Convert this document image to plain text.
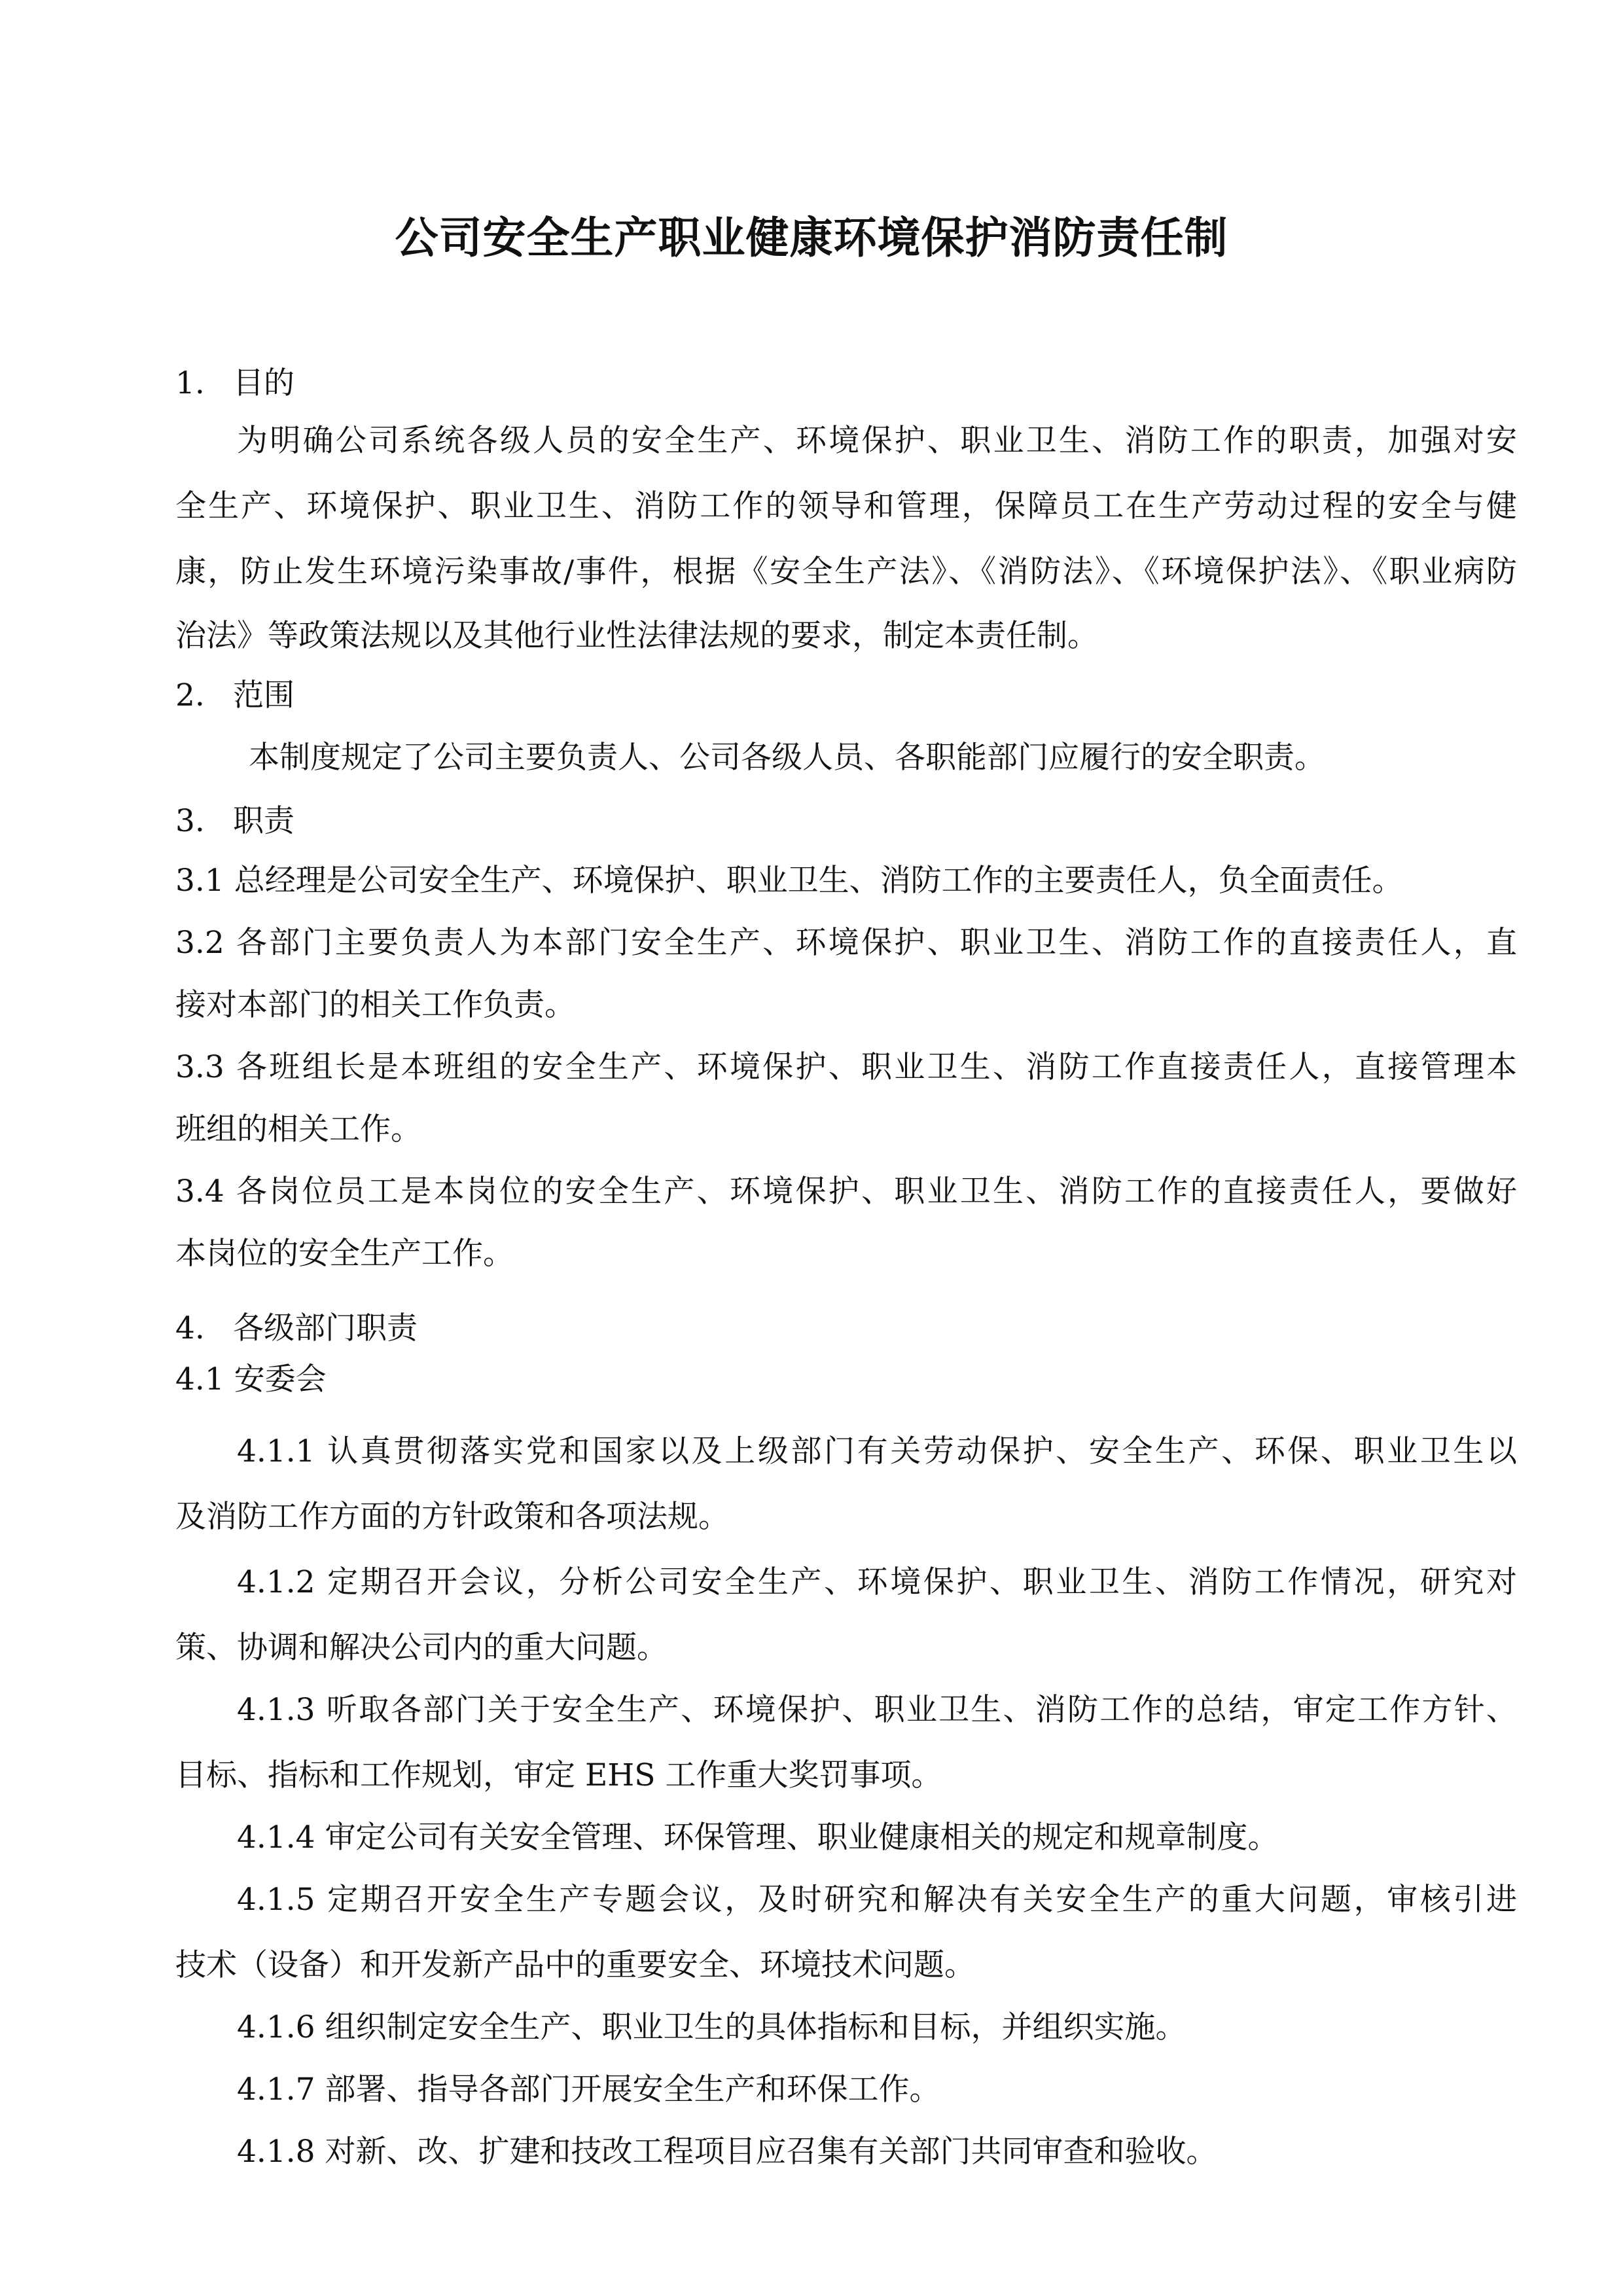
公司安全生产职业健康环境保护消防责任制
1. 目的
为明确公司系统各级人员的安全生产、环境保护、职业卫生、消防工作的职责，加强对安
全生产、环境保护、职业卫生、消防工作的领导和管理，保障员工在生产劳动过程的安全与健
康，防止发生环境污染事故/事件，根据《安全生产法》、《消防法》、《环境保护法》、《职业病防
治法》等政策法规以及其他行业性法律法规的要求，制定本责任制。
2. 范围
本制度规定了公司主要负责人、公司各级人员、各职能部门应履行的安全职责。
3. 职责
3.1 总经理是公司安全生产、环境保护、职业卫生、消防工作的主要责任人，负全面责任。
3.2 各部门主要负责人为本部门安全生产、环境保护、职业卫生、消防工作的直接责任人，直
接对本部门的相关工作负责。
3.3 各班组长是本班组的安全生产、环境保护、职业卫生、消防工作直接责任人，直接管理本
班组的相关工作。
3.4 各岗位员工是本岗位的安全生产、环境保护、职业卫生、消防工作的直接责任人，要做好
本岗位的安全生产工作。
4. 各级部门职责
4.1 安委会
4.1.1 认真贯彻落实党和国家以及上级部门有关劳动保护、安全生产、环保、职业卫生以
及消防工作方面的方针政策和各项法规。
4.1.2 定期召开会议，分析公司安全生产、环境保护、职业卫生、消防工作情况，研究对
策、协调和解决公司内的重大问题。
4.1.3 听取各部门关于安全生产、环境保护、职业卫生、消防工作的总结，审定工作方针、
目标、指标和工作规划，审定 EHS 工作重大奖罚事项。
4.1.4 审定公司有关安全管理、环保管理、职业健康相关的规定和规章制度。
4.1.5 定期召开安全生产专题会议，及时研究和解决有关安全生产的重大问题，审核引进
技术（设备）和开发新产品中的重要安全、环境技术问题。
4.1.6 组织制定安全生产、职业卫生的具体指标和目标，并组织实施。
4.1.7 部署、指导各部门开展安全生产和环保工作。
4.1.8 对新、改、扩建和技改工程项目应召集有关部门共同审查和验收。
